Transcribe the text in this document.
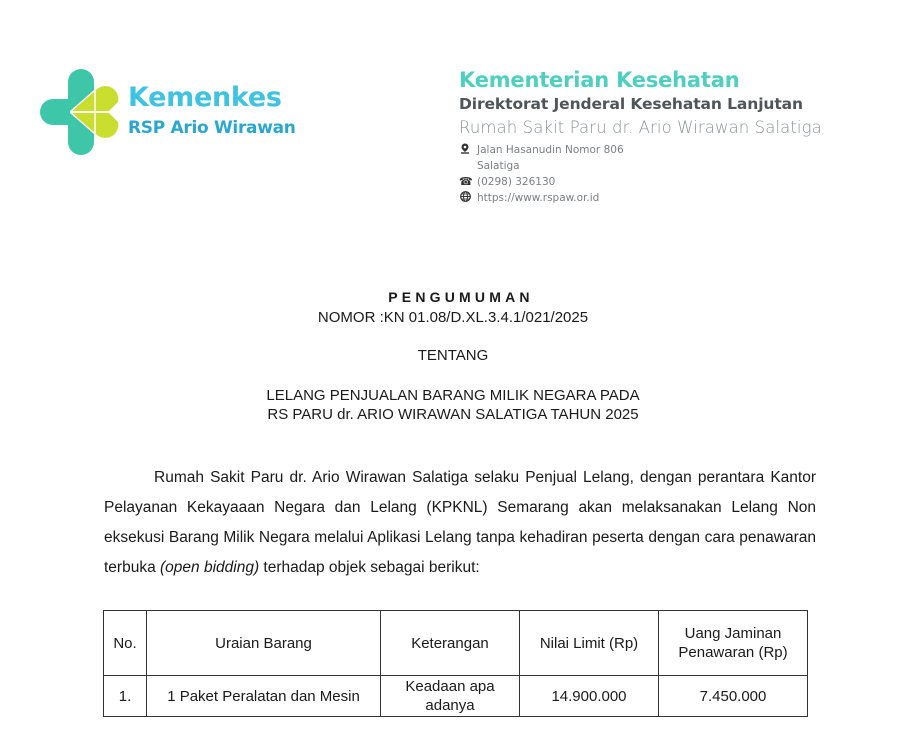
Kemenkes
RSP Ario Wirawan
Kementerian Kesehatan
Direktorat Jenderal Kesehatan Lanjutan
Rumah Sakit Paru dr. Ario Wirawan Salatiga
Jalan Hasanudin Nomor 806
Salatiga
☎ (0298) 326130
https://www.rspaw.or.id
PENGUMUMAN
NOMOR :KN 01.08/D.XL.3.4.1/021/2025
TENTANG
LELANG PENJUALAN BARANG MILIK NEGARA PADA
RS PARU dr. ARIO WIRAWAN SALATIGA TAHUN 2025
Rumah Sakit Paru dr. Ario Wirawan Salatiga selaku Penjual Lelang, dengan perantara Kantor Pelayanan Kekayaaan Negara dan Lelang (KPKNL) Semarang akan melaksanakan Lelang Non eksekusi Barang Milik Negara melalui Aplikasi Lelang tanpa kehadiran peserta dengan cara penawaran terbuka (open bidding) terhadap objek sebagai berikut:
No.	Uraian Barang	Keterangan	Nilai Limit (Rp)	Uang Jaminan Penawaran (Rp)
1.	1 Paket Peralatan dan Mesin	Keadaan apa adanya	14.900.000	7.450.000
